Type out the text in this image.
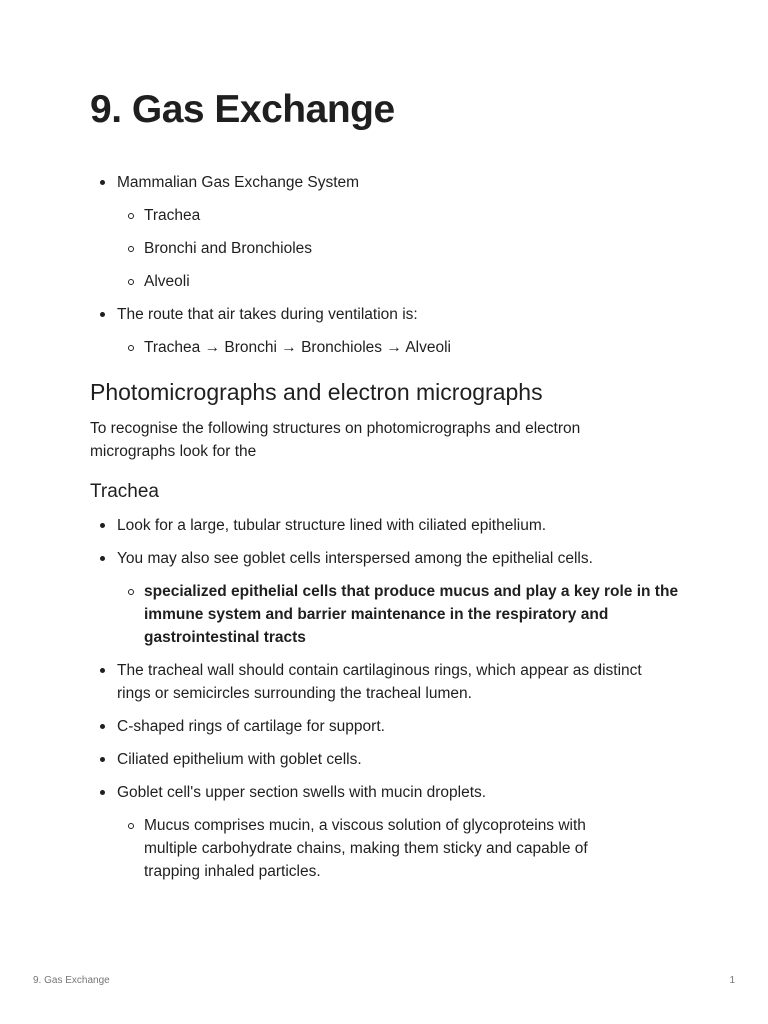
9. Gas Exchange
Mammalian Gas Exchange System
Trachea
Bronchi and Bronchioles
Alveoli
The route that air takes during ventilation is:
Trachea → Bronchi → Bronchioles → Alveoli
Photomicrographs and electron micrographs

To recognise the following structures on photomicrographs and electron micrographs look for the

Trachea
Look for a large, tubular structure lined with ciliated epithelium.
You may also see goblet cells interspersed among the epithelial cells.
specialized epithelial cells that produce mucus and play a key role in the immune system and barrier maintenance in the respiratory and gastrointestinal tracts
The tracheal wall should contain cartilaginous rings, which appear as distinct rings or semicircles surrounding the tracheal lumen.
C-shaped rings of cartilage for support.
Ciliated epithelium with goblet cells.
Goblet cell's upper section swells with mucin droplets.
Mucus comprises mucin, a viscous solution of glycoproteins with multiple carbohydrate chains, making them sticky and capable of trapping inhaled particles.
9. Gas Exchange	1
